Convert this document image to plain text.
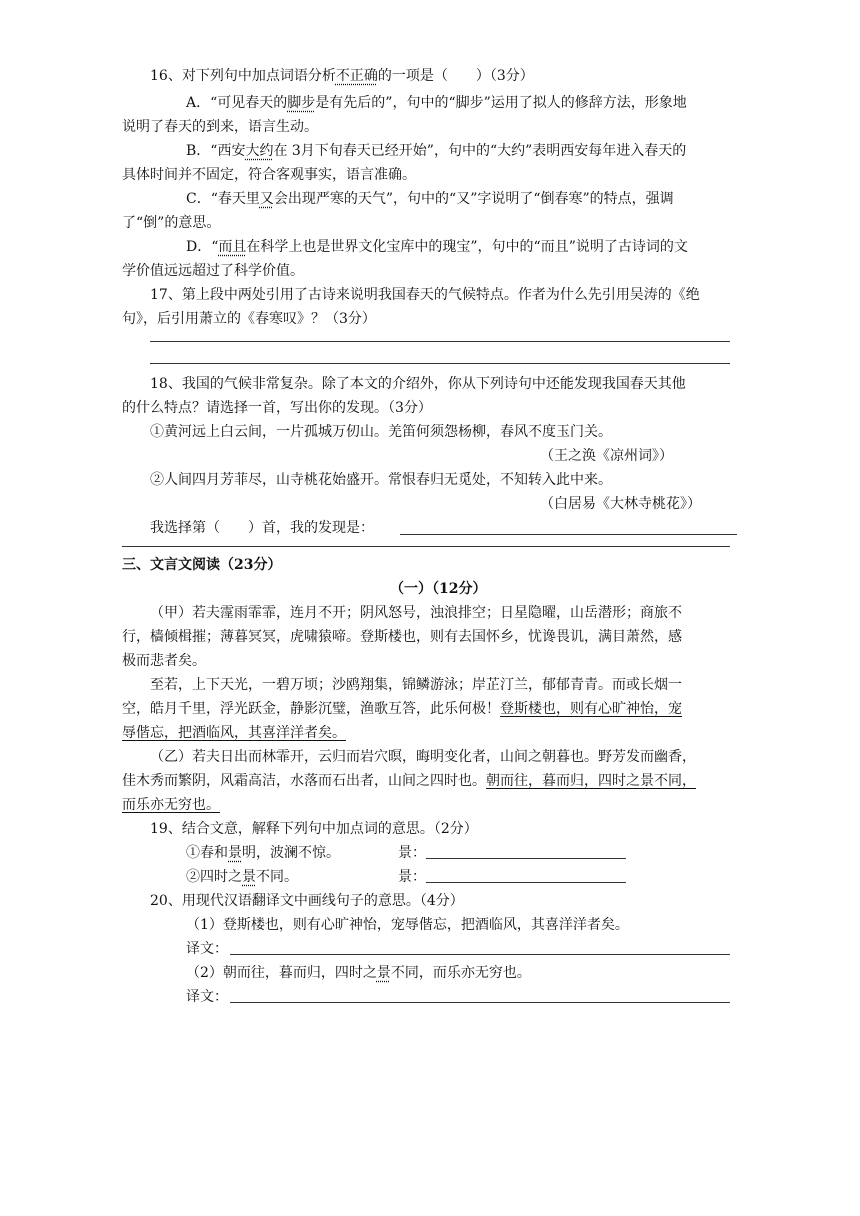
16、对下列句中加点词语分析不正确的一项是（　　）（3分）
A．“可见春天的脚步是有先后的”，句中的“脚步”运用了拟人的修辞方法，形象地
说明了春天的到来，语言生动。
B．“西安大约在 3月下旬春天已经开始”，句中的“大约”表明西安每年进入春天的
具体时间并不固定，符合客观事实，语言准确。
C．“春天里又会出现严寒的天气”，句中的“又”字说明了“倒春寒”的特点，强调
了“倒”的意思。
D．“而且在科学上也是世界文化宝库中的瑰宝”，句中的“而且”说明了古诗词的文
学价值远远超过了科学价值。
17、第上段中两处引用了古诗来说明我国春天的气候特点。作者为什么先引用吴涛的《绝
句》，后引用萧立的《春寒叹》？（3分）
18、我国的气候非常复杂。除了本文的介绍外，你从下列诗句中还能发现我国春天其他
的什么特点？请选择一首，写出你的发现。（3分）
①黄河远上白云间，一片孤城万仞山。羌笛何须怨杨柳，春风不度玉门关。
（王之涣《凉州词》）
②人间四月芳菲尽，山寺桃花始盛开。常恨春归无觅处，不知转入此中来。
（白居易《大林寺桃花》）
我选择第（　　）首，我的发现是：
三、文言文阅读（23分）
（一）（12分）
（甲）若夫霪雨霏霏，连月不开；阴风怒号，浊浪排空；日星隐曜，山岳潜形；商旅不
行，樯倾楫摧；薄暮冥冥，虎啸猿啼。登斯楼也，则有去国怀乡，忧谗畏讥，满目萧然，感
极而悲者矣。
至若，上下天光，一碧万顷；沙鸥翔集，锦鳞游泳；岸芷汀兰，郁郁青青。而或长烟一
空，皓月千里，浮光跃金，静影沉璧，渔歌互答，此乐何极！登斯楼也，则有心旷神怡，宠
辱偕忘，把酒临风，其喜洋洋者矣。
（乙）若夫日出而林霏开，云归而岩穴暝，晦明变化者，山间之朝暮也。野芳发而幽香，
佳木秀而繁阴，风霜高洁，水落而石出者，山间之四时也。朝而往，暮而归，四时之景不同，
而乐亦无穷也。
19、结合文意，解释下列句中加点词的意思。（2分）
①春和景明，波澜不惊。	景：
②四时之景不同。	景：
20、用现代汉语翻译文中画线句子的意思。（4分）
（1）登斯楼也，则有心旷神怡，宠辱偕忘，把酒临风，其喜洋洋者矣。
译文：
（2）朝而往，暮而归，四时之景不同，而乐亦无穷也。
译文：
